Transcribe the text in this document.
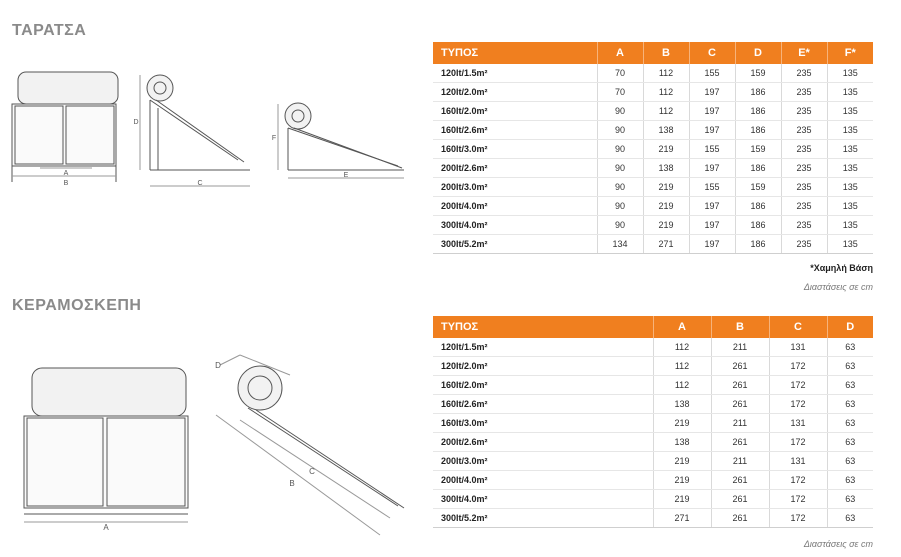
ΤΑΡΑΤΣΑ
A
B	C
D
E
F
A
B
C
D
ΤΥΠΟΣ	A	B	C	D	E*	F*
120lt/1.5m²	70	112	155	159	235	135
120lt/2.0m²	70	112	197	186	235	135
160lt/2.0m²	90	112	197	186	235	135
160lt/2.6m²	90	138	197	186	235	135
160lt/3.0m²	90	219	155	159	235	135
200lt/2.6m²	90	138	197	186	235	135
200lt/3.0m²	90	219	155	159	235	135
200lt/4.0m²	90	219	197	186	235	135
300lt/4.0m²	90	219	197	186	235	135
300lt/5.2m²	134	271	197	186	235	135
*Χαμηλή Βάση
Διαστάσεις σε cm
ΚΕΡΑΜΟΣΚΕΠΗ
ΤΥΠΟΣ	A	B	C	D
120lt/1.5m²	112	211	131	63
120lt/2.0m²	112	261	172	63
160lt/2.0m²	112	261	172	63
160lt/2.6m²	138	261	172	63
160lt/3.0m²	219	211	131	63
200lt/2.6m²	138	261	172	63
200lt/3.0m²	219	211	131	63
200lt/4.0m²	219	261	172	63
300lt/4.0m²	219	261	172	63
300lt/5.2m²	271	261	172	63
Διαστάσεις σε cm
